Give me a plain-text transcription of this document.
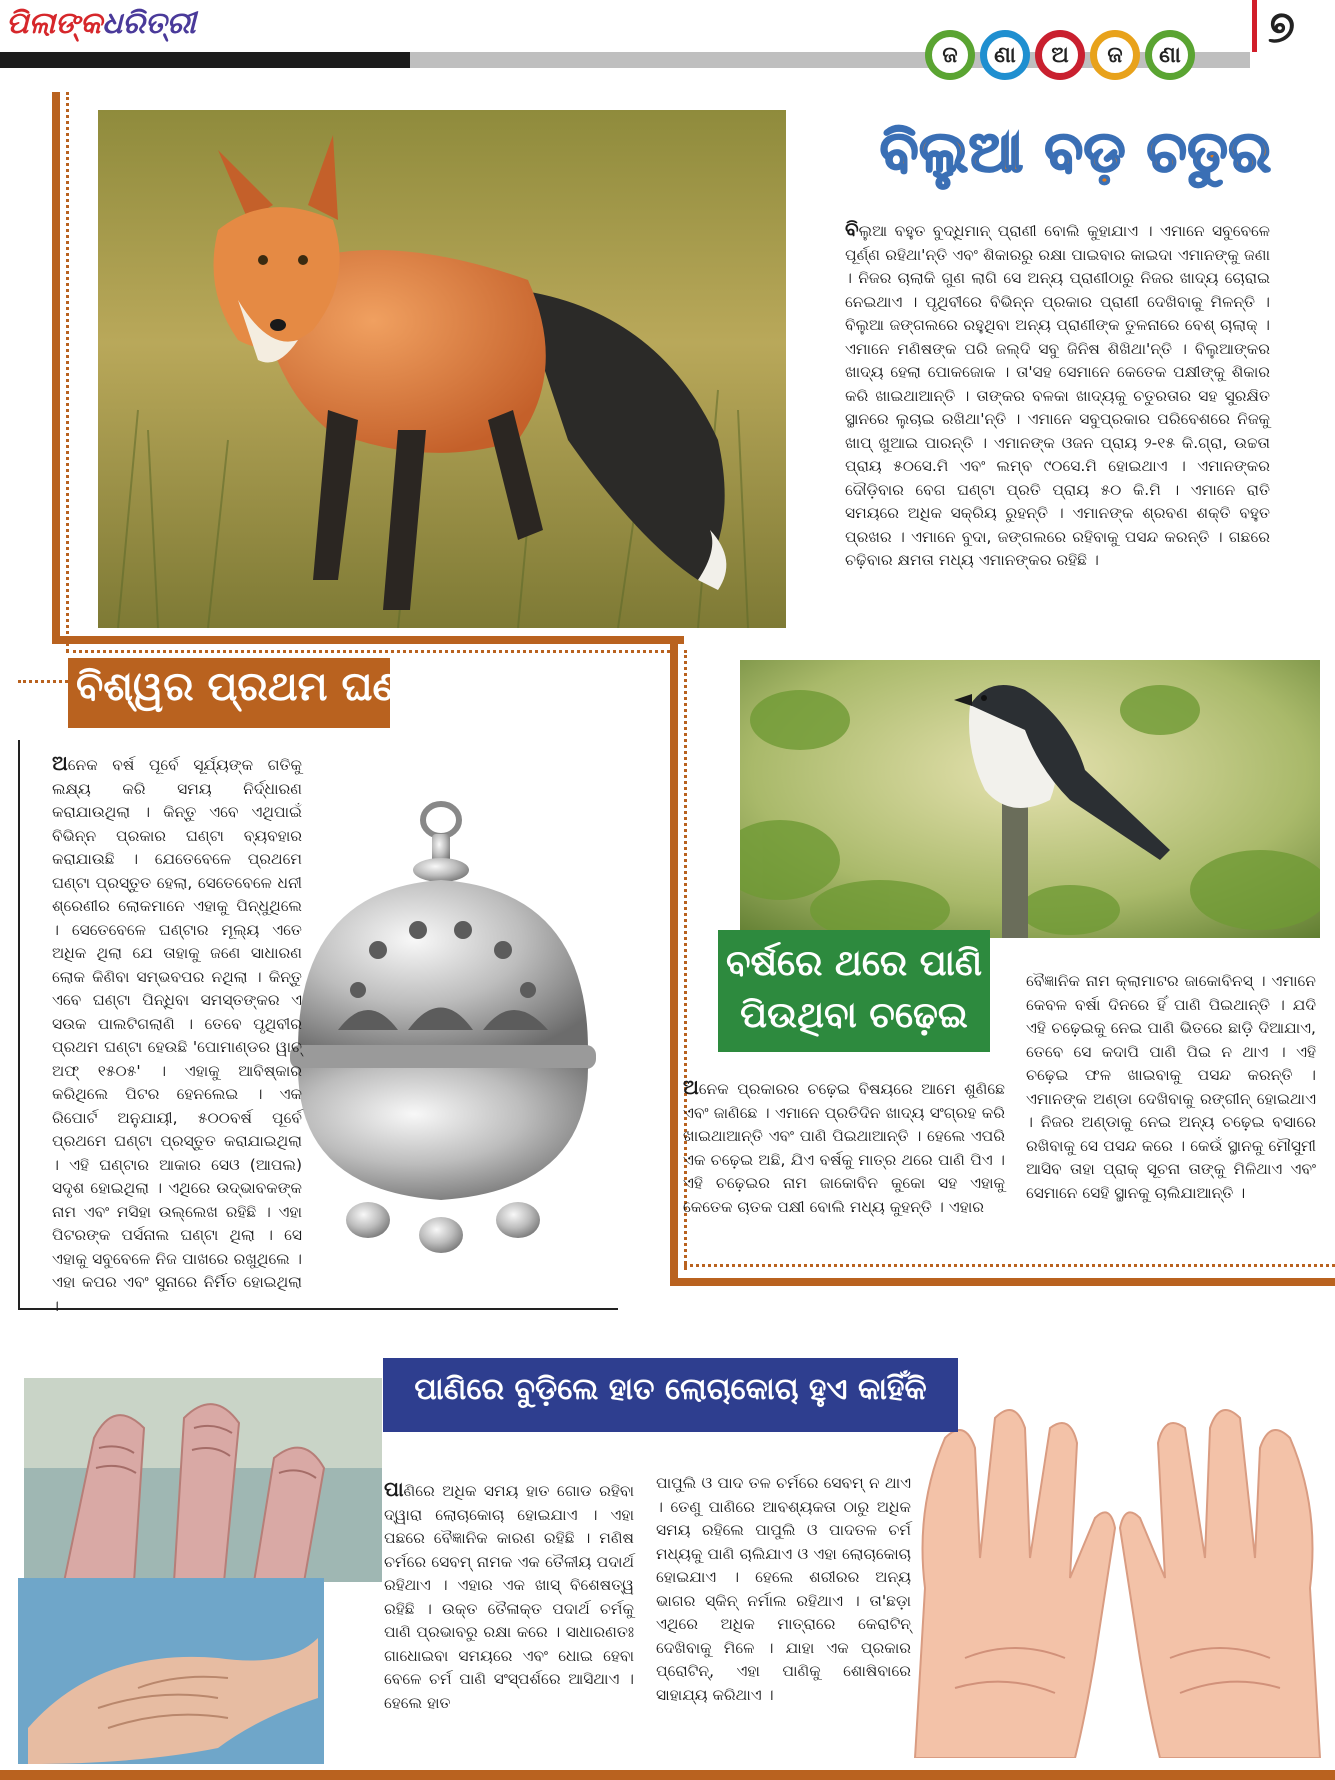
ପିଲାଙ୍କ ଧରିତ୍ରୀ	୭
ଜ	ଣା	ଅ	ଜ	ଣା
ବିଲୁଆ ବଡ଼ ଚତୁର

ବିଲୁଆ ବହୁତ ବୁଦ୍ଧିମାନ୍ ପ୍ରାଣୀ ବୋଲି କୁହାଯାଏ । ଏମାନେ ସବୁବେଳେ ପୂର୍ଣ୍ଣ ରହିଥା'ନ୍ତି ଏବଂ ଶିକାରରୁ ରକ୍ଷା ପାଇବାର କାଇଦା ଏମାନଙ୍କୁ ଜଣା । ନିଜର ଚାଲାକି ଗୁଣ ଲାଗି ସେ ଅନ୍ୟ ପ୍ରାଣୀଠାରୁ ନିଜର ଖାଦ୍ୟ ଚୋରାଇ ନେଇଥାଏ । ପୃଥିବୀରେ ବିଭିନ୍ନ ପ୍ରକାର ପ୍ରାଣୀ ଦେଖିବାକୁ ମିଳନ୍ତି । ବିଲୁଆ ଜଙ୍ଗଲରେ ରହୁଥିବା ଅନ୍ୟ ପ୍ରାଣୀଙ୍କ ତୁଳନାରେ ବେଶ୍ ଚାଲାକ୍ । ଏମାନେ ମଣିଷଙ୍କ ପରି ଜଲ୍ଦି ସବୁ ଜିନିଷ ଶିଖିଥା'ନ୍ତି । ବିଲୁଆଙ୍କର ଖାଦ୍ୟ ହେଲା ପୋକଜୋକ । ତା'ସହ ସେମାନେ କେତେକ ପକ୍ଷୀଙ୍କୁ ଶିକାର କରି ଖାଇଥାଆନ୍ତି । ତାଙ୍କର ବଳକା ଖାଦ୍ୟକୁ ଚତୁରତାର ସହ ସୁରକ୍ଷିତ ସ୍ଥାନରେ ଲୁଚାଇ ରଖିଥା'ନ୍ତି । ଏମାନେ ସବୁପ୍ରକାର ପରିବେଶରେ ନିଜକୁ ଖାପ୍ ଖୁଆଇ ପାରନ୍ତି । ଏମାନଙ୍କ ଓଜନ ପ୍ରାୟ ୨-୧୫ କି.ଗ୍ରା, ଉଚ୍ଚତା ପ୍ରାୟ ୫୦ସେ.ମି ଏବଂ ଲମ୍ବ ୯୦ସେ.ମି ହୋଇଥାଏ । ଏମାନଙ୍କର ଦୌଡ଼ିବାର ବେଗ ଘଣ୍ଟା ପ୍ରତି ପ୍ରାୟ ୫୦ କି.ମି । ଏମାନେ ରାତି ସମୟରେ ଅଧିକ ସକ୍ରିୟ ରୁହନ୍ତି । ଏମାନଙ୍କ ଶ୍ରବଣ ଶକ୍ତି ବହୁତ ପ୍ରଖର । ଏମାନେ ବୁଦା, ଜଙ୍ଗଲରେ ରହିବାକୁ ପସନ୍ଦ କରନ୍ତି । ଗଛରେ ଚଢ଼ିବାର କ୍ଷମତା ମଧ୍ୟ ଏମାନଙ୍କର ରହିଛି ।

ବିଶ୍ୱର ପ୍ରଥମ ଘଣ୍ଟା

ଅନେକ ବର୍ଷ ପୂର୍ବେ ସୂର୍ଯ୍ୟଙ୍କ ଗତିକୁ ଲକ୍ଷ୍ୟ କରି ସମୟ ନିର୍ଦ୍ଧାରଣ କରାଯାଉଥିଲା । କିନ୍ତୁ ଏବେ ଏଥିପାଇଁ ବିଭିନ୍ନ ପ୍ରକାର ଘଣ୍ଟା ବ୍ୟବହାର କରାଯାଉଛି । ଯେତେବେଳେ ପ୍ରଥମେ ଘଣ୍ଟା ପ୍ରସ୍ତୁତ ହେଲା, ସେତେବେଳେ ଧନୀ ଶ୍ରେଣୀର ଲୋକମାନେ ଏହାକୁ ପିନ୍ଧୁଥିଲେ । ସେତେବେଳେ ଘଣ୍ଟାର ମୂଲ୍ୟ ଏତେ ଅଧିକ ଥିଲା ଯେ ତାହାକୁ ଜଣେ ସାଧାରଣ ଲୋକ କିଣିବା ସମ୍ଭବପର ନଥିଲା । କିନ୍ତୁ ଏବେ ଘଣ୍ଟା ପିନ୍ଧିବା ସମସ୍ତଙ୍କର ଏ ସଉକ ପାଲଟିଗଲାଣି । ତେବେ ପୃଥିବୀର ପ୍ରଥମ ଘଣ୍ଟା ହେଉଛି 'ପୋମାଣ୍ଡର ୱାଚ୍ ଅଫ୍ ୧୫୦୫' । ଏହାକୁ ଆବିଷ୍କାର କରିଥିଲେ ପିଟର ହେନଲେଇ । ଏକ ରିପୋର୍ଟ ଅନୁଯାୟୀ, ୫୦୦ବର୍ଷ ପୂର୍ବେ ପ୍ରଥମେ ଘଣ୍ଟା ପ୍ରସ୍ତୁତ କରାଯାଇଥିଲା । ଏହି ଘଣ୍ଟାର ଆକାର ସେଓ (ଆପଲ) ସଦୃଶ ହୋଇଥିଲା । ଏଥିରେ ଉଦ୍ଭାବକଙ୍କ ନାମ ଏବଂ ମସିହା ଉଲ୍ଲେଖ ରହିଛି । ଏହା ପିଟରଙ୍କ ପର୍ସନାଲ ଘଣ୍ଟା ଥିଲା । ସେ ଏହାକୁ ସବୁବେଳେ ନିଜ ପାଖରେ ରଖୁଥିଲେ । ଏହା କପର ଏବଂ ସୁନାରେ ନିର୍ମିତ ହୋଇଥିଲା ।

ବର୍ଷରେ ଥରେ ପାଣି
ପିଉଥିବା ଚଢ଼େଇ

ଅନେକ ପ୍ରକାରର ଚଢ଼େଇ ବିଷୟରେ ଆମେ ଶୁଣିଛେ ଏବଂ ଜାଣିଛେ । ଏମାନେ ପ୍ରତିଦିନ ଖାଦ୍ୟ ସଂଗ୍ରହ କରି ଖାଇଥାଆନ୍ତି ଏବଂ ପାଣି ପିଇଥାଆନ୍ତି । ହେଲେ ଏପରି ଏକ ଚଢ଼େଇ ଅଛି, ଯିଏ ବର୍ଷକୁ ମାତ୍ର ଥରେ ପାଣି ପିଏ । ଏହି ଚଢ଼େଇର ନାମ ଜାକୋବିନ କୁକୋ ସହ ଏହାକୁ କେତେକ ଚାତକ ପକ୍ଷୀ ବୋଲି ମଧ୍ୟ କୁହନ୍ତି । ଏହାର

ବୈଜ୍ଞାନିକ ନାମ କ୍ଲାମାଟର ଜାକୋବିନସ୍ । ଏମାନେ କେବଳ ବର୍ଷା ଦିନରେ ହିଁ ପାଣି ପିଇଥାନ୍ତି । ଯଦି ଏହି ଚଢ଼େଇକୁ ନେଇ ପାଣି ଭିତରେ ଛାଡ଼ି ଦିଆଯାଏ, ତେବେ ସେ କଦାପି ପାଣି ପିଇ ନ ଥାଏ । ଏହି ଚଢ଼େଇ ଫଳ ଖାଇବାକୁ ପସନ୍ଦ କରନ୍ତି । ଏମାନଙ୍କ ଅଣ୍ଡା ଦେଖିବାକୁ ରଙ୍ଗୀନ୍ ହୋଇଥାଏ । ନିଜର ଅଣ୍ଡାକୁ ନେଇ ଅନ୍ୟ ଚଢ଼େଇ ବସାରେ ରଖିବାକୁ ସେ ପସନ୍ଦ କରେ । କେଉଁ ସ୍ଥାନକୁ ମୌସୁମୀ ଆସିବ ତାହା ପ୍ରାକ୍ ସୂଚନା ତାଙ୍କୁ ମିଳିଥାଏ ଏବଂ ସେମାନେ ସେହି ସ୍ଥାନକୁ ଚାଲିଯାଆନ୍ତି ।

ପାଣିରେ ବୁଡ଼ିଲେ ହାତ ଲୋଚାକୋଚା ହୁଏ କାହିଁକି

ପାଣିରେ ଅଧିକ ସମୟ ହାତ ଗୋଡ ରହିବା ଦ୍ୱାରା ଲୋଚାକୋଚା ହୋଇଯାଏ । ଏହା ପଛରେ ବୈଜ୍ଞାନିକ କାରଣ ରହିଛି । ମଣିଷ ଚର୍ମରେ ସେବମ୍ ନାମକ ଏକ ତୈଳୀୟ ପଦାର୍ଥ ରହିଥାଏ । ଏହାର ଏକ ଖାସ୍ ବିଶେଷତ୍ୱ ରହିଛି । ଉକ୍ତ ତୈଳାକ୍ତ ପଦାର୍ଥ ଚର୍ମକୁ ପାଣି ପ୍ରଭାବରୁ ରକ୍ଷା କରେ । ସାଧାରଣତଃ ଗାଧୋଇବା ସମୟରେ ଏବଂ ଧୋଇ ହେବା ବେଳେ ଚର୍ମ ପାଣି ସଂସ୍ପର୍ଶରେ ଆସିଥାଏ । ହେଲେ ହାତ

ପାପୁଲି ଓ ପାଦ ତଳ ଚର୍ମରେ ସେବମ୍ ନ ଥାଏ । ତେଣୁ ପାଣିରେ ଆବଶ୍ୟକତା ଠାରୁ ଅଧିକ ସମୟ ରହିଲେ ପାପୁଲି ଓ ପାଦତଳ ଚର୍ମ ମଧ୍ୟକୁ ପାଣି ଚାଲିଯାଏ ଓ ଏହା ଲୋଚାକୋଚା ହୋଇଯାଏ । ହେଲେ ଶରୀରର ଅନ୍ୟ ଭାଗର ସ୍କିନ୍ ନର୍ମାଲ ରହିଥାଏ । ତା'ଛଡ଼ା ଏଥିରେ ଅଧିକ ମାତ୍ରାରେ କେରାଟିନ୍ ଦେଖିବାକୁ ମିଳେ । ଯାହା ଏକ ପ୍ରକାର ପ୍ରୋଟିନ୍, ଏହା ପାଣିକୁ ଶୋଷିବାରେ ସାହାଯ୍ୟ କରିଥାଏ ।
